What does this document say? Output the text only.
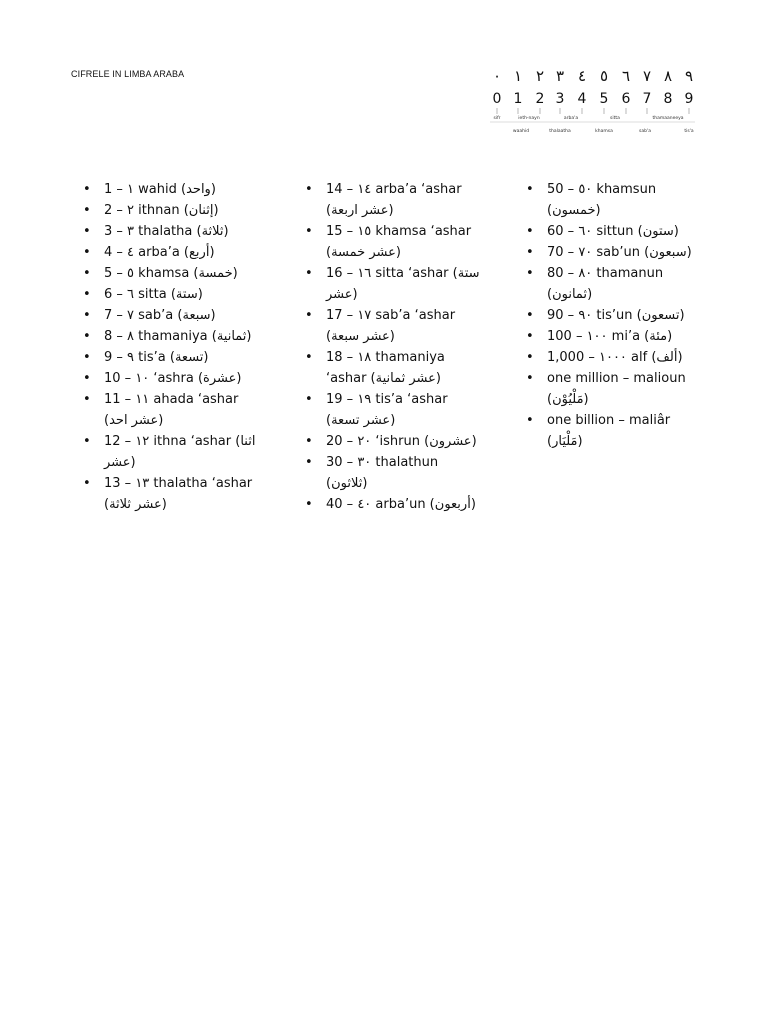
CIFRELE IN LIMBA ARABA	٠ ١ ٢ ٣ ٤ ٥ ٦ ٧ ٨ ٩
0 1 2 3 4 5 6 7 8 9
sifr	ieth-nayn	arba'a	sitta	thamaaneeya
waahid	thalaatha	khamsa	sab'a	tis'a
• 1 – ١ wahid (واحد)
• 2 – ٢ ithnan (إثنان)
• 3 – ٣ thalatha (ثلاثة)
• 4 – ٤ arba’a (أربع)
• 5 – ٥ khamsa (خمسة)
• 6 – ٦ sitta (ستة)
• 7 – ٧ sab’a (سبعة)
• 8 – ٨ thamaniya (ثمانية)
• 9 – ٩ tis’a (تسعة)
• 10 – ١٠ ‘ashra (عشرة)
• 11 – ١١ ahada ‘ashar (عشر احد)
• 12 – ١٢ ithna ‘ashar (اثنا عشر)
• 13 – ١٣ thalatha ‘ashar (عشر ثلاثة)
• 14 – ١٤ arba’a ‘ashar (عشر اربعة)
• 15 – ١٥ khamsa ‘ashar (عشر خمسة)
• 16 – ١٦ sitta ‘ashar (ستة عشر)
• 17 – ١٧ sab’a ‘ashar (عشر سبعة)
• 18 – ١٨ thamaniya ‘ashar (عشر ثمانية)
• 19 – ١٩ tis’a ‘ashar (عشر تسعة)
• 20 – ٢٠ ‘ishrun (عشرون)
• 30 – ٣٠ thalathun (ثلاثون)
• 40 – ٤٠ arba’un (أربعون)
• 50 – ٥٠ khamsun (خمسون)
• 60 – ٦٠ sittun (ستون)
• 70 – ٧٠ sab’un (سبعون)
• 80 – ٨٠ thamanun (ثمانون)
• 90 – ٩٠ tis’un (تسعون)
• 100 – ١٠٠ mi’a (مئة)
• 1,000 – ١٠٠٠ alf (ألف)
• one million – malioun (مَلْيُوْن)
• one billion – maliâr (مَلْيَار)
